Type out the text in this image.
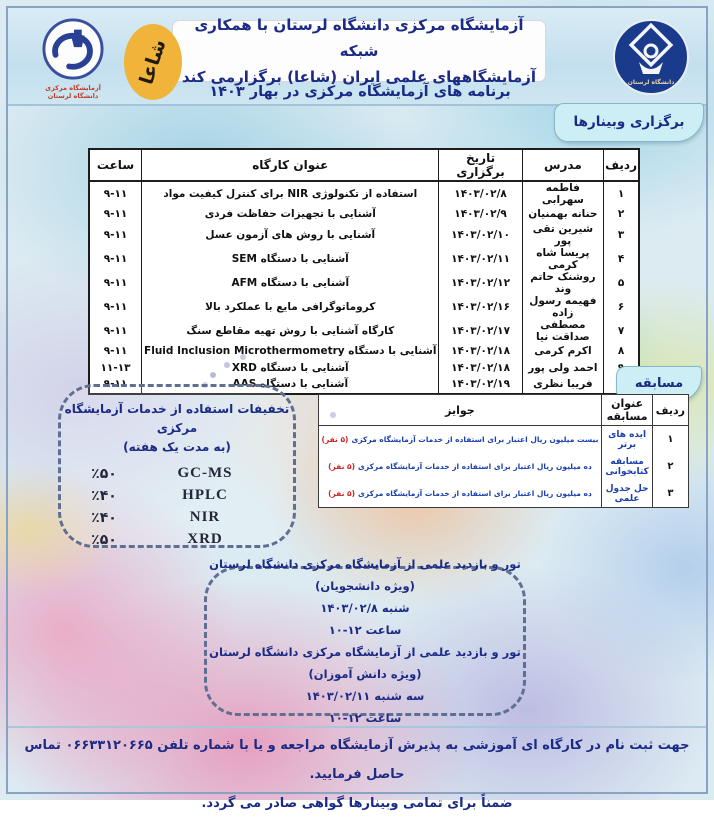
دانشگاه لرستان
آزمایشگاه مرکزی دانشگاه لرستان با همکاری شبکه
آزمایشگاههای علمی ایران (شاعا) برگزارمی کند
برنامه های آزمایشگاه مرکزی در بهار ۱۴۰۳
شاعا
آزمایشگاه مرکزی
دانشگاه لرستان
برگزاری وبینارها
ردیف	مدرس	تاریخ برگزاری	عنوان کارگاه	ساعت
۱	فاطمه سهرابی	۱۴۰۳/۰۲/۸	استفاده از تکنولوژی NIR برای کنترل کیفیت مواد	۹-۱۱
۲	حنانه بهمنیان	۱۴۰۳/۰۲/۹	آشنایی با تجهیزات حفاظت فردی	۹-۱۱
۳	شیرین تقی پور	۱۴۰۳/۰۲/۱۰	آشنایی با روش های آزمون عسل	۹-۱۱
۴	پریسا شاه کرمی	۱۴۰۳/۰۲/۱۱	آشنایی با دستگاه SEM	۹-۱۱
۵	روشنک حاتم وند	۱۴۰۳/۰۲/۱۲	آشنایی با دستگاه AFM	۹-۱۱
۶	فهیمه رسول زاده	۱۴۰۳/۰۲/۱۶	کروماتوگرافی مایع با عملکرد بالا	۹-۱۱
۷	مصطفی صداقت نیا	۱۴۰۳/۰۲/۱۷	کارگاه آشنایی با روش تهیه مقاطع سنگ	۹-۱۱
۸	اکرم کرمی	۱۴۰۳/۰۲/۱۸	آشنایی با دستگاه Fluid Inclusion Microthermometry	۹-۱۱
	احمد ولی پور	۱۴۰۳/۰۲/۱۸	آشنایی با دستگاه XRD	۱۱-۱۳
	فریبا نظری	۱۴۰۳/۰۲/۱۹	آشنایی با دستگاه AAS	۹-۱۱	مسابقه
ردیف	عنوان مسابقه	جوایز
۱	ایده های برتر	بیست میلیون ریال اعتبار برای استفاده از خدمات آزمایشگاه مرکزی(۵ نفر)
۲	مسابقه کتابخوانی	ده میلیون ریال اعتبار برای استفاده از خدمات آزمایشگاه مرکزی(۵ نفر)
۳	حل جدول علمی	ده میلیون ریال اعتبار برای استفاده از خدمات آزمایشگاه مرکزی(۵ نفر)
تخفیفات استفاده از خدمات آزمایشگاه مرکزی
(به مدت یک هفته)
٪۵۰	GC-MS
٪۴۰	HPLC
٪۴۰	NIR
٪۵۰	XRD
تور و بازدید علمی از آزمایشگاه مرکزی دانشگاه لرستان (ویژه دانشجویان)
شنبه ۱۴۰۳/۰۲/۸
ساعت ۱۲-۱۰
تور و بازدید علمی از آزمایشگاه مرکزی دانشگاه لرستان (ویژه دانش آموزان)
سه شنبه ۱۴۰۳/۰۲/۱۱
ساعت ۱۲-۱۰
جهت ثبت نام در کارگاه ای آموزشی به پذیرش آزمایشگاه مراجعه و یا با شماره تلفن ۰۶۶۳۳۱۲۰۶۶۵ تماس حاصل فرمایید.
ضمناً برای تمامی وبینارها گواهی صادر می گردد.
